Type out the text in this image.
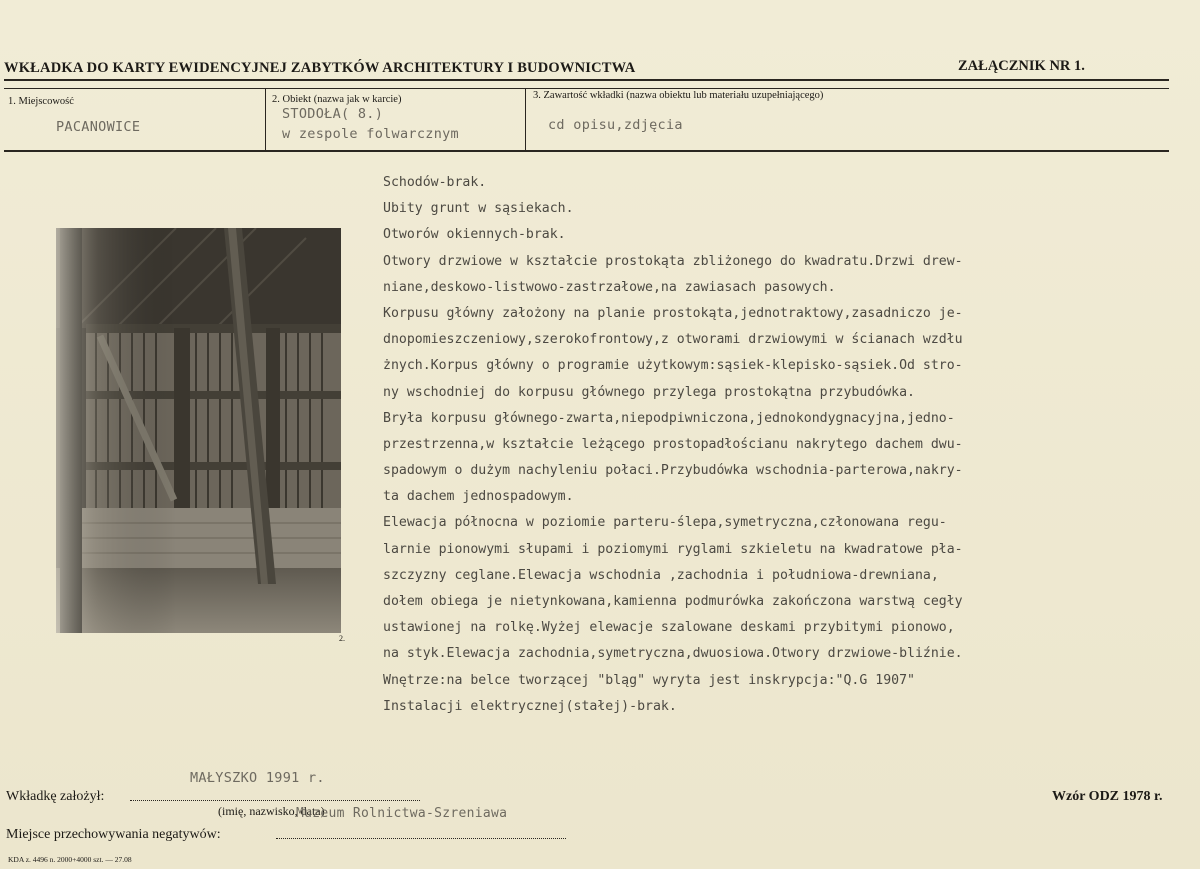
WKŁADKA DO KARTY EWIDENCYJNEJ ZABYTKÓW ARCHITEKTURY I BUDOWNICTWA	ZAŁĄCZNIK NR 1.
1. Miejscowość
PACANOWICE
2. Obiekt (nazwa jak w karcie)
STODOŁA( 8.)
w zespole folwarcznym
3. Zawartość wkładki (nazwa obiektu lub materiału uzupełniającego)
cd opisu,zdjęcia
2.
Schodów-brak.
Ubity grunt w sąsiekach.
Otworów okiennych-brak.
Otwory drzwiowe w kształcie prostokąta zbliżonego do kwadratu.Drzwi drew-
niane,deskowo-listwowo-zastrzałowe,na zawiasach pasowych.
Korpusu główny założony na planie prostokąta,jednotraktowy,zasadniczo je-
dnopomieszczeniowy,szerokofrontowy,z otworami drzwiowymi w ścianach wzdłu
żnych.Korpus główny o programie użytkowym:sąsiek-klepisko-sąsiek.Od stro-
ny wschodniej do korpusu głównego przylega prostokątna przybudówka.
Bryła korpusu głównego-zwarta,niepodpiwniczona,jednokondygnacyjna,jedno-
przestrzenna,w kształcie leżącego prostopadłościanu nakrytego dachem dwu-
spadowym o dużym nachyleniu połaci.Przybudówka wschodnia-parterowa,nakry-
ta dachem jednospadowym.
Elewacja północna w poziomie parteru-ślepa,symetryczna,członowana regu-
larnie pionowymi słupami i poziomymi ryglami szkieletu na kwadratowe pła-
szczyzny ceglane.Elewacja wschodnia ,zachodnia i południowa-drewniana,
dołem obiega je nietynkowana,kamienna podmurówka zakończona warstwą cegły
ustawionej na rolkę.Wyżej elewacje szalowane deskami przybitymi pionowo,
na styk.Elewacja zachodnia,symetryczna,dwuosiowa.Otwory drzwiowe-bliźnie.
Wnętrze:na belce tworzącej "bląg" wyryta jest inskrypcja:"Q.G 1907"
Instalacji elektrycznej(stałej)-brak.
MAŁYSZKO 1991 r.
Wkładkę założył:
(imię, nazwisko, data)
Muzeum Rolnictwa-Szreniawa
Miejsce przechowywania negatywów:
Wzór ODZ 1978 r.
KDA z. 4496 n. 2000+4000 szt. — 27.08
